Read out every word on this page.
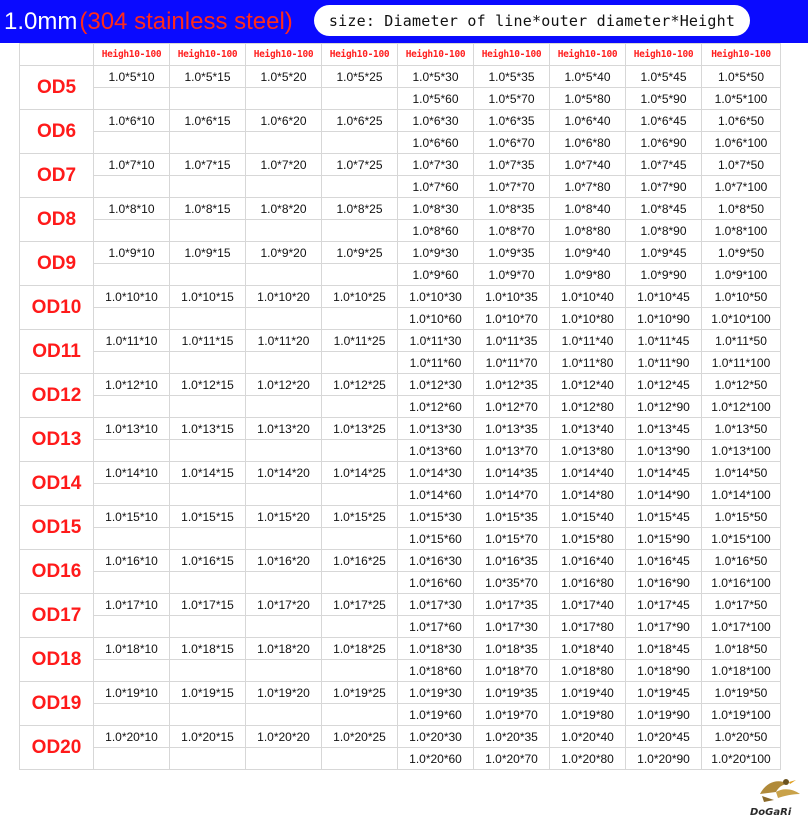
1.0mm(304 stainless steel)	size: Diameter of line*outer diameter*Height
	Heigh10-100	Heigh10-100	Heigh10-100	Heigh10-100	Heigh10-100	Heigh10-100	Heigh10-100	Heigh10-100	Heigh10-100
OD5	1.0*5*10	1.0*5*15	1.0*5*20	1.0*5*25	1.0*5*30	1.0*5*35	1.0*5*40	1.0*5*45	1.0*5*50
					1.0*5*60	1.0*5*70	1.0*5*80	1.0*5*90	1.0*5*100
OD6	1.0*6*10	1.0*6*15	1.0*6*20	1.0*6*25	1.0*6*30	1.0*6*35	1.0*6*40	1.0*6*45	1.0*6*50
					1.0*6*60	1.0*6*70	1.0*6*80	1.0*6*90	1.0*6*100
OD7	1.0*7*10	1.0*7*15	1.0*7*20	1.0*7*25	1.0*7*30	1.0*7*35	1.0*7*40	1.0*7*45	1.0*7*50
					1.0*7*60	1.0*7*70	1.0*7*80	1.0*7*90	1.0*7*100
OD8	1.0*8*10	1.0*8*15	1.0*8*20	1.0*8*25	1.0*8*30	1.0*8*35	1.0*8*40	1.0*8*45	1.0*8*50
					1.0*8*60	1.0*8*70	1.0*8*80	1.0*8*90	1.0*8*100
OD9	1.0*9*10	1.0*9*15	1.0*9*20	1.0*9*25	1.0*9*30	1.0*9*35	1.0*9*40	1.0*9*45	1.0*9*50
					1.0*9*60	1.0*9*70	1.0*9*80	1.0*9*90	1.0*9*100
OD10	1.0*10*10	1.0*10*15	1.0*10*20	1.0*10*25	1.0*10*30	1.0*10*35	1.0*10*40	1.0*10*45	1.0*10*50
					1.0*10*60	1.0*10*70	1.0*10*80	1.0*10*90	1.0*10*100
OD11	1.0*11*10	1.0*11*15	1.0*11*20	1.0*11*25	1.0*11*30	1.0*11*35	1.0*11*40	1.0*11*45	1.0*11*50
					1.0*11*60	1.0*11*70	1.0*11*80	1.0*11*90	1.0*11*100
OD12	1.0*12*10	1.0*12*15	1.0*12*20	1.0*12*25	1.0*12*30	1.0*12*35	1.0*12*40	1.0*12*45	1.0*12*50
					1.0*12*60	1.0*12*70	1.0*12*80	1.0*12*90	1.0*12*100
OD13	1.0*13*10	1.0*13*15	1.0*13*20	1.0*13*25	1.0*13*30	1.0*13*35	1.0*13*40	1.0*13*45	1.0*13*50
					1.0*13*60	1.0*13*70	1.0*13*80	1.0*13*90	1.0*13*100
OD14	1.0*14*10	1.0*14*15	1.0*14*20	1.0*14*25	1.0*14*30	1.0*14*35	1.0*14*40	1.0*14*45	1.0*14*50
					1.0*14*60	1.0*14*70	1.0*14*80	1.0*14*90	1.0*14*100
OD15	1.0*15*10	1.0*15*15	1.0*15*20	1.0*15*25	1.0*15*30	1.0*15*35	1.0*15*40	1.0*15*45	1.0*15*50
					1.0*15*60	1.0*15*70	1.0*15*80	1.0*15*90	1.0*15*100
OD16	1.0*16*10	1.0*16*15	1.0*16*20	1.0*16*25	1.0*16*30	1.0*16*35	1.0*16*40	1.0*16*45	1.0*16*50
					1.0*16*60	1.0*35*70	1.0*16*80	1.0*16*90	1.0*16*100
OD17	1.0*17*10	1.0*17*15	1.0*17*20	1.0*17*25	1.0*17*30	1.0*17*35	1.0*17*40	1.0*17*45	1.0*17*50
					1.0*17*60	1.0*17*30	1.0*17*80	1.0*17*90	1.0*17*100
OD18	1.0*18*10	1.0*18*15	1.0*18*20	1.0*18*25	1.0*18*30	1.0*18*35	1.0*18*40	1.0*18*45	1.0*18*50
					1.0*18*60	1.0*18*70	1.0*18*80	1.0*18*90	1.0*18*100
OD19	1.0*19*10	1.0*19*15	1.0*19*20	1.0*19*25	1.0*19*30	1.0*19*35	1.0*19*40	1.0*19*45	1.0*19*50
					1.0*19*60	1.0*19*70	1.0*19*80	1.0*19*90	1.0*19*100
OD20	1.0*20*10	1.0*20*15	1.0*20*20	1.0*20*25	1.0*20*30	1.0*20*35	1.0*20*40	1.0*20*45	1.0*20*50
					1.0*20*60	1.0*20*70	1.0*20*80	1.0*20*90	1.0*20*100
DoGaRi
